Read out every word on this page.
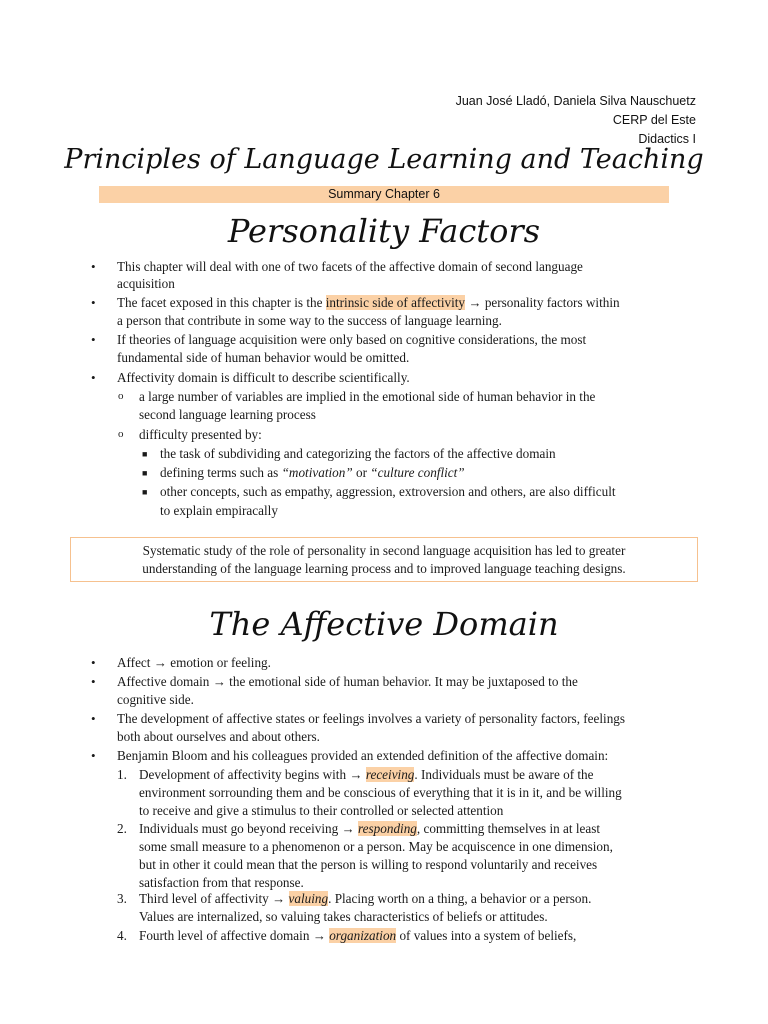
Juan José Lladó, Daniela Silva Nauschuetz
CERP del Este
Didactics I
Principles of Language Learning and Teaching
Summary Chapter 6
Personality Factors
• This chapter will deal with one of two facets of the affective domain of second language
acquisition
• The facet exposed in this chapter is the intrinsic side of affectivity → personality factors within
a person that contribute in some way to the success of language learning.
• If theories of language acquisition were only based on cognitive considerations, the most
fundamental side of human behavior would be omitted.
• Affectivity domain is difficult to describe scientifically.
o a large number of variables are implied in the emotional side of human behavior in the
second language learning process
o difficulty presented by:
■ the task of subdividing and categorizing the factors of the affective domain
■ defining terms such as “motivation” or “culture conflict”
■ other concepts, such as empathy, aggression, extroversion and others, are also difficult
to explain empiracally
Systematic study of the role of personality in second language acquisition has led to greater
understanding of the language learning process and to improved language teaching designs.
The Affective Domain
• Affect → emotion or feeling.
• Affective domain → the emotional side of human behavior. It may be juxtaposed to the
cognitive side.
• The development of affective states or feelings involves a variety of personality factors, feelings
both about ourselves and about others.
• Benjamin Bloom and his colleagues provided an extended definition of the affective domain:
1. Development of affectivity begins with → receiving. Individuals must be aware of the
environment sorrounding them and be conscious of everything that it is in it, and be willing
to receive and give a stimulus to their controlled or selected attention
2. Individuals must go beyond receiving → responding, committing themselves in at least
some small measure to a phenomenon or a person. May be acquiscence in one dimension,
but in other it could mean that the person is willing to respond voluntarily and receives
satisfaction from that response.
3. Third level of affectivity → valuing. Placing worth on a thing, a behavior or a person.
Values are internalized, so valuing takes characteristics of beliefs or attitudes.
4. Fourth level of affective domain → organization of values into a system of beliefs,
